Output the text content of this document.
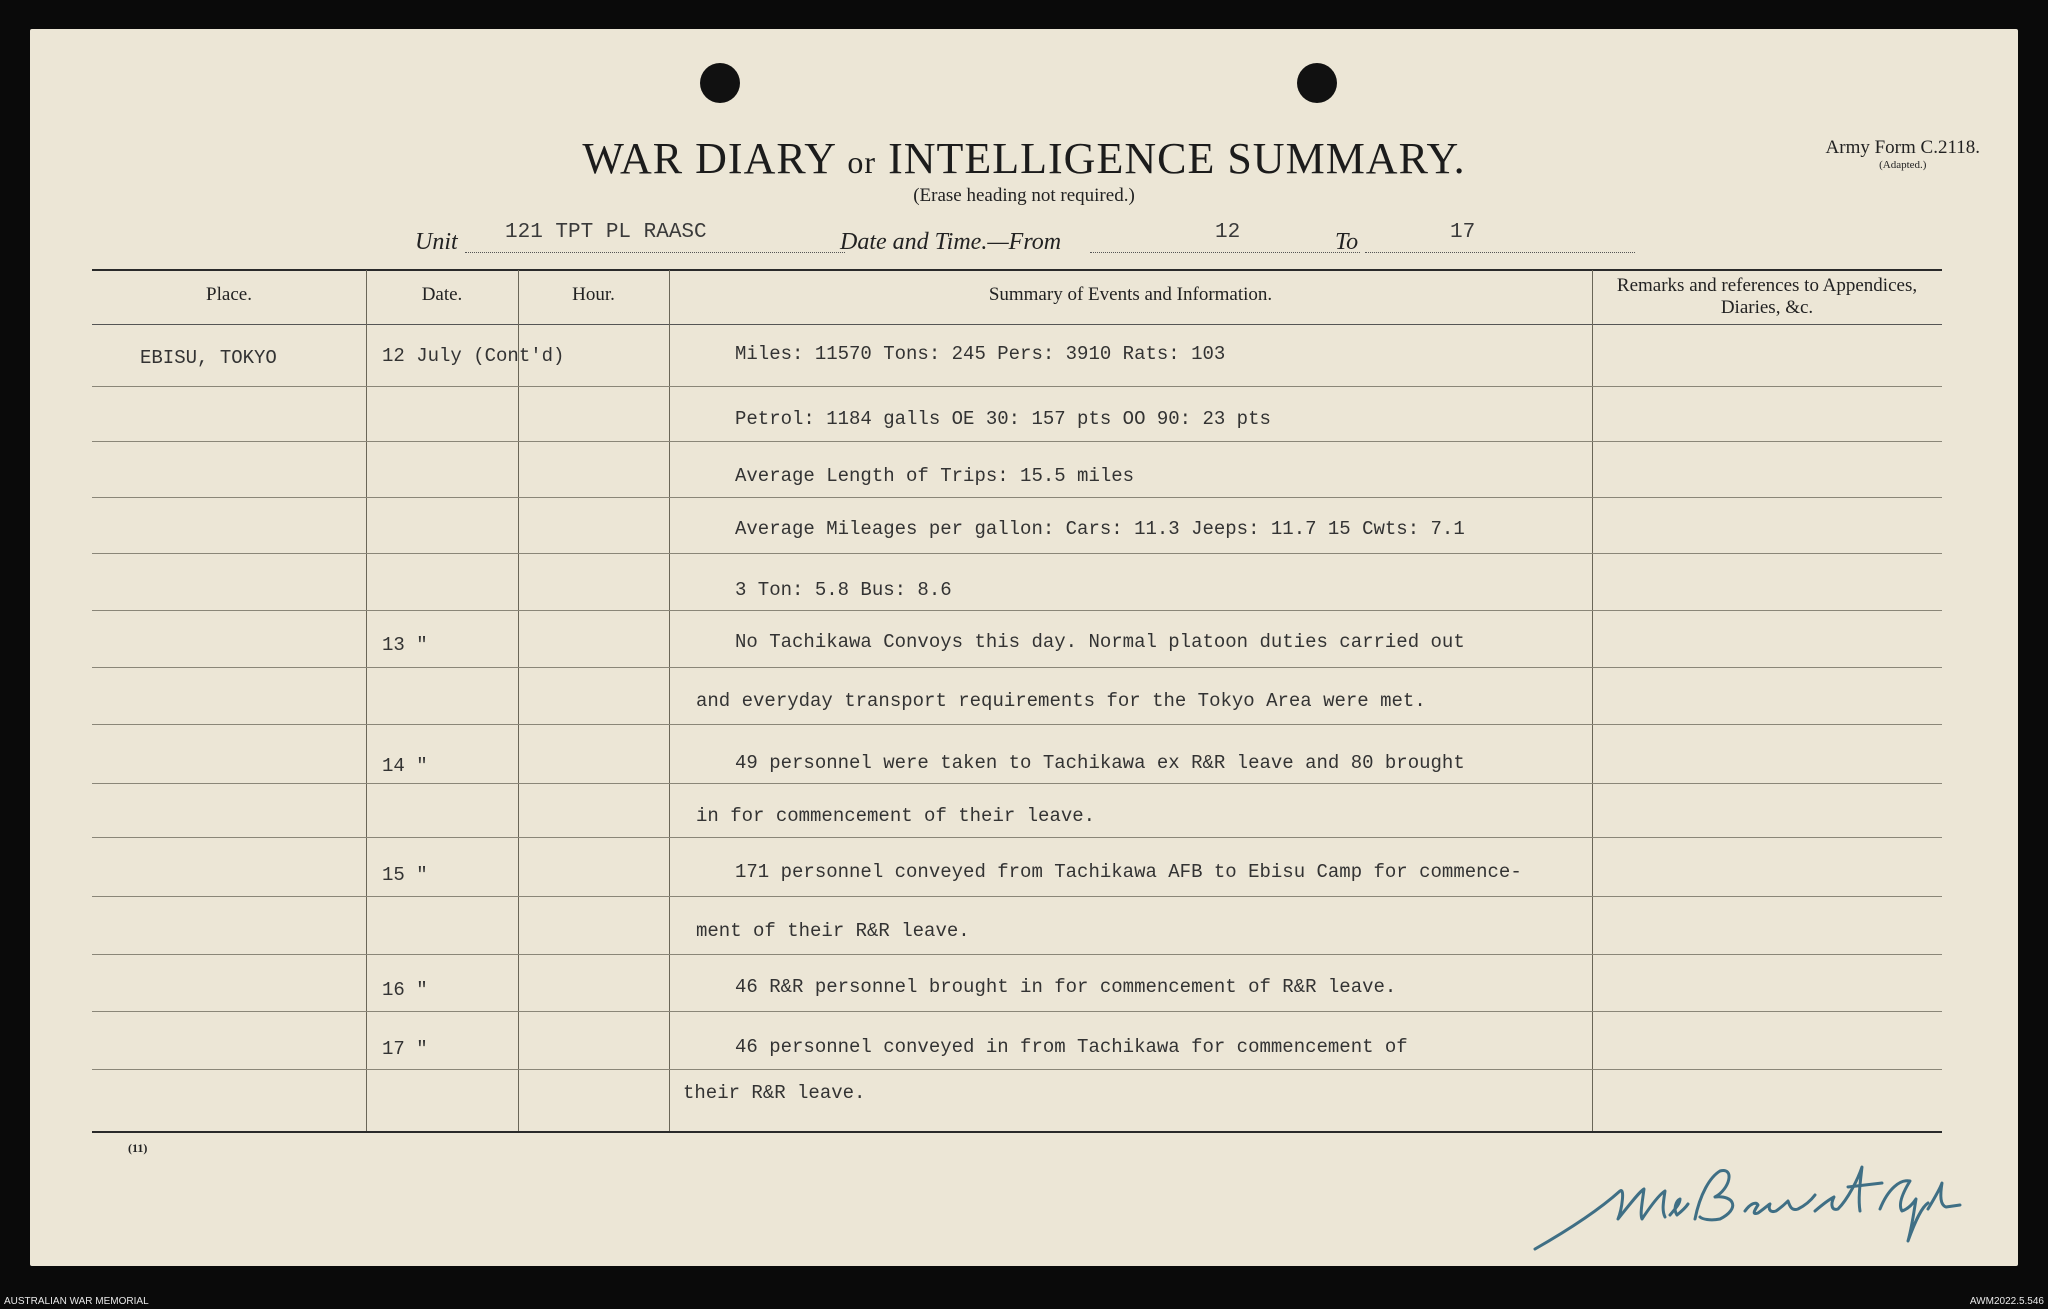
WAR DIARY or INTELLIGENCE SUMMARY.
(Erase heading not required.)
Army Form C.2118.
(Adapted.)
Unit 121 TPT PL RAASC	Date and Time.—From	12	To	17
Place.	Date.	Hour.	Summary of Events and Information.	Remarks and references to Appendices, Diaries, &c.
EBISU, TOKYO	12 July (Cont'd)	Miles: 11570 Tons: 245 Pers: 3910 Rats: 103
Petrol: 1184 galls OE 30: 157 pts OO 90: 23 pts
Average Length of Trips: 15.5 miles
Average Mileages per gallon: Cars: 11.3 Jeeps: 11.7 15 Cwts: 7.1
3 Ton: 5.8 Bus: 8.6
13 "	No Tachikawa Convoys this day. Normal platoon duties carried out
and everyday transport requirements for the Tokyo Area were met.
14 "	49 personnel were taken to Tachikawa ex R&R leave and 80 brought
in for commencement of their leave.
15 "	171 personnel conveyed from Tachikawa AFB to Ebisu Camp for commence-
ment of their R&R leave.
16 "	46 R&R personnel brought in for commencement of R&R leave.
17 "	46 personnel conveyed in from Tachikawa for commencement of
their R&R leave.
(11)
AUSTRALIAN WAR MEMORIAL	AWM2022.5.546
